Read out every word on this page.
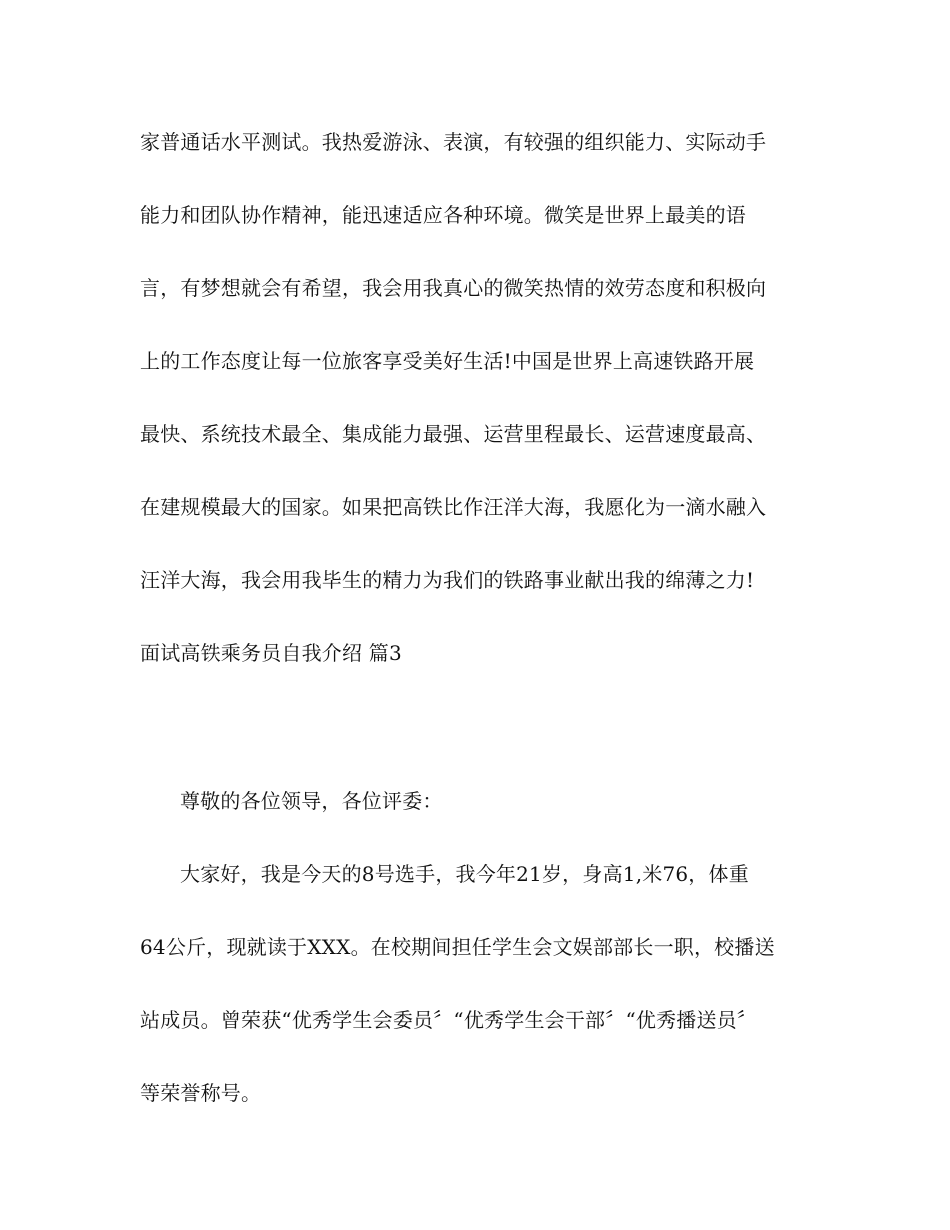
家普通话水平测试。我热爱游泳、表演，有较强的组织能力、实际动手
能力和团队协作精神，能迅速适应各种环境。微笑是世界上最美的语
言，有梦想就会有希望，我会用我真心的微笑热情的效劳态度和积极向
上的工作态度让每一位旅客享受美好生活!中国是世界上高速铁路开展
最快、系统技术最全、集成能力最强、运营里程最长、运营速度最高、
在建规模最大的国家。如果把高铁比作汪洋大海，我愿化为一滴水融入
汪洋大海，我会用我毕生的精力为我们的铁路事业献出我的绵薄之力!
面试高铁乘务员自我介绍 篇3
尊敬的各位领导，各位评委：
大家好，我是今天的8号选手，我今年21岁，身高1,米76，体重
64公斤，现就读于XXX。在校期间担任学生会文娱部部长一职，校播送
站成员。曾荣获“优秀学生会委员〞“优秀学生会干部〞“优秀播送员〞
等荣誉称号。
